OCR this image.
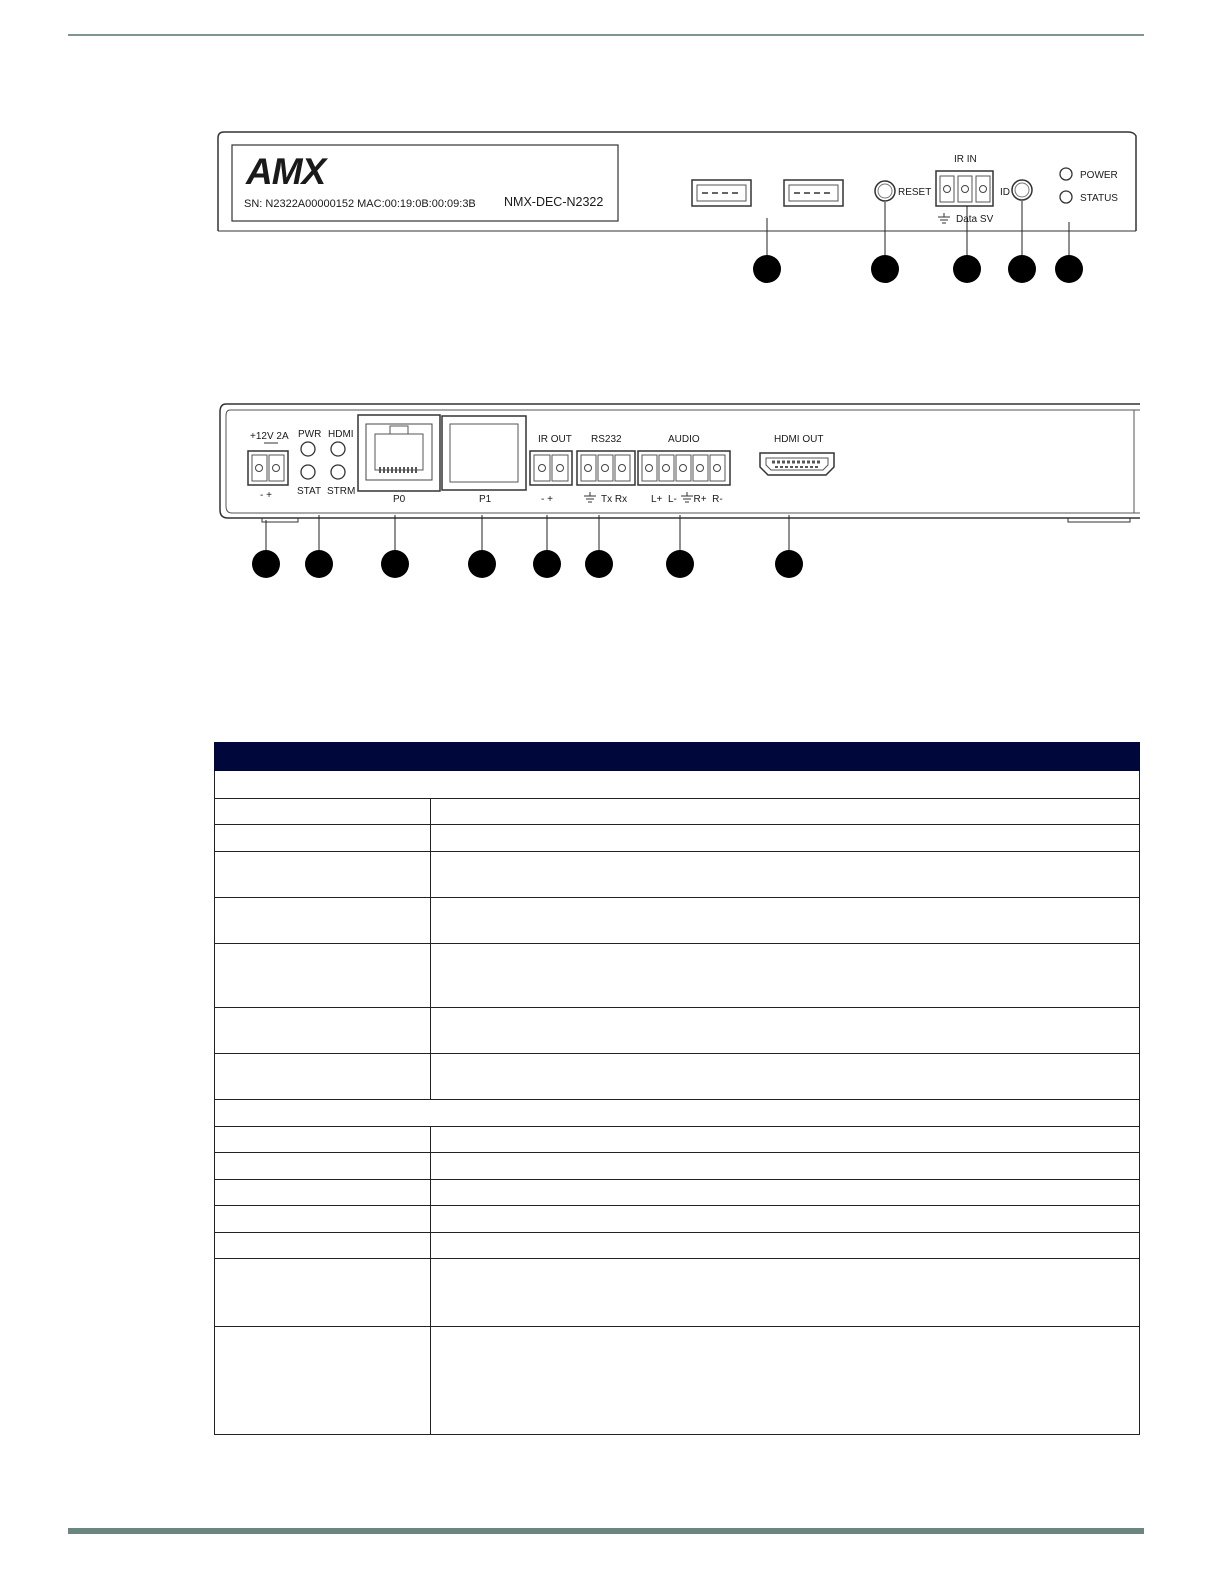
AMX
SN: N2322A00000152 MAC:00:19:0B:00:09:3B NMX-DEC-N2322
RESET
IR IN
Data SV
ID
POWER
STATUS
+12V 2A
- +
PWR HDMI
STAT STRM
P0	P1
IR OUT
- +
RS232
Tx Rx
AUDIO
L+  L-      R+  R-
HDMI OUT
